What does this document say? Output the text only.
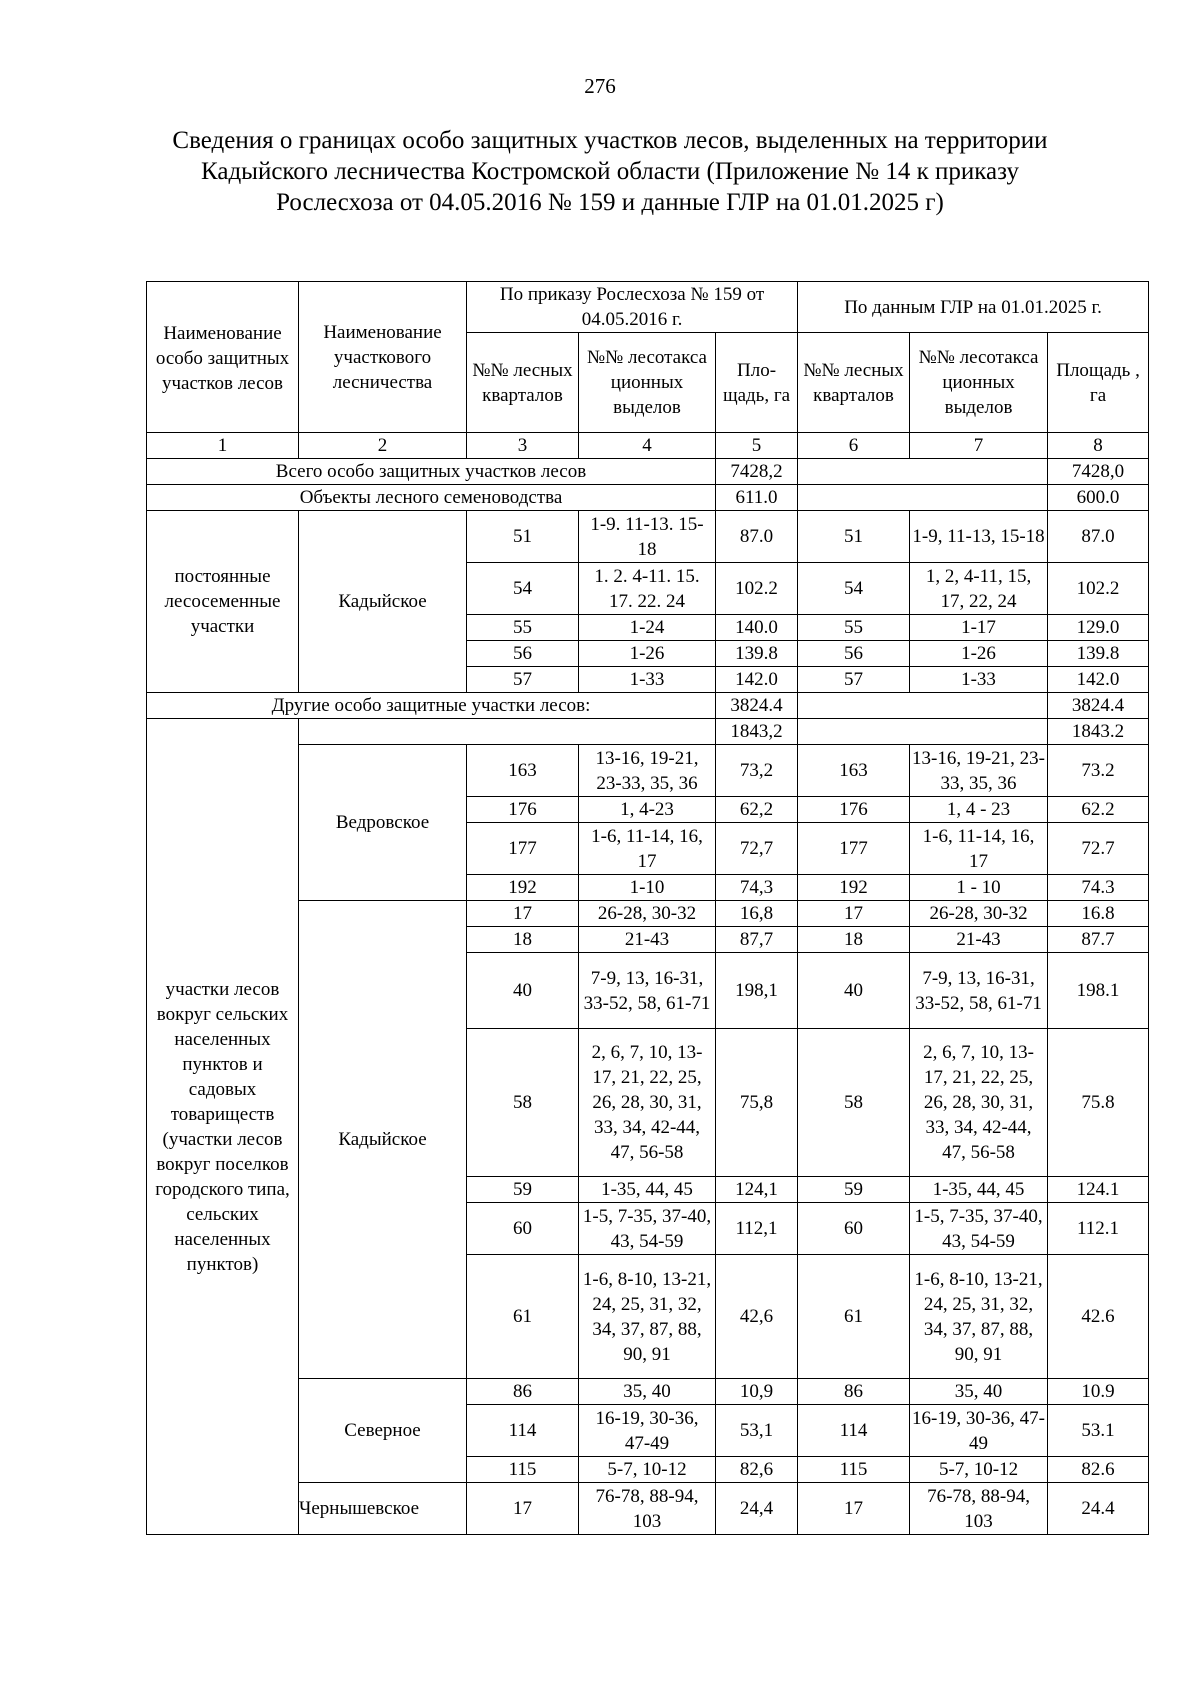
276
Сведения о границах особо защитных участков лесов, выделенных на территории Кадыйского лесничества Костромской области (Приложение № 14 к приказу Рослесхоза от 04.05.2016 № 159 и данные ГЛР на 01.01.2025 г)
Наименование особо защитных участков лесов	Наименование участкового лесничества	По приказу Рослесхоза № 159 от 04.05.2016 г.			По данным ГЛР на 01.01.2025 г.		
		№№ лесных кварталов	№№ лесотакса ционных выделов	Пло- щадь, га	№№ лесных кварталов	№№ лесотакса ционных выделов	Площадь , га
1	2	3	4	5	6	7	8
Всего особо защитных участков лесов				7428,2			7428,0
Объекты лесного семеноводства				611.0			600.0
постоянные лесосеменные участки	Кадыйское	51	1-9. 11-13. 15-18	87.0	51	1-9, 11-13, 15-18	87.0
		54	1. 2. 4-11. 15. 17. 22. 24	102.2	54	1, 2, 4-11, 15, 17, 22, 24	102.2
		55	1-24	140.0	55	1-17	129.0
		56	1-26	139.8	56	1-26	139.8
		57	1-33	142.0	57	1-33	142.0
Другие особо защитные участки лесов:				3824.4			3824.4
участки лесов вокруг сельских населенных пунктов и садовых товариществ (участки лесов вокруг поселков городского типа, сельских населенных пунктов)				1843,2			1843.2
	Ведровское	163	13-16, 19-21, 23-33, 35, 36	73,2	163	13-16, 19-21, 23-33, 35, 36	73.2
		176	1, 4-23	62,2	176	1, 4 - 23	62.2
		177	1-6, 11-14, 16, 17	72,7	177	1-6, 11-14, 16, 17	72.7
		192	1-10	74,3	192	1 - 10	74.3
	Кадыйское	17	26-28, 30-32	16,8	17	26-28, 30-32	16.8
		18	21-43	87,7	18	21-43	87.7
		40	7-9, 13, 16-31, 33-52, 58, 61-71	198,1	40	7-9, 13, 16-31, 33-52, 58, 61-71	198.1
		58	2, 6, 7, 10, 13-17, 21, 22, 25, 26, 28, 30, 31, 33, 34, 42-44, 47, 56-58	75,8	58	2, 6, 7, 10, 13-17, 21, 22, 25, 26, 28, 30, 31, 33, 34, 42-44, 47, 56-58	75.8
		59	1-35, 44, 45	124,1	59	1-35, 44, 45	124.1
		60	1-5, 7-35, 37-40, 43, 54-59	112,1	60	1-5, 7-35, 37-40, 43, 54-59	112.1
		61	1-6, 8-10, 13-21, 24, 25, 31, 32, 34, 37, 87, 88, 90, 91	42,6	61	1-6, 8-10, 13-21, 24, 25, 31, 32, 34, 37, 87, 88, 90, 91	42.6
	Северное	86	35, 40	10,9	86	35, 40	10.9
		114	16-19, 30-36, 47-49	53,1	114	16-19, 30-36, 47-49	53.1
		115	5-7, 10-12	82,6	115	5-7, 10-12	82.6
	Чернышевское	17	76-78, 88-94, 103	24,4	17	76-78, 88-94, 103	24.4
